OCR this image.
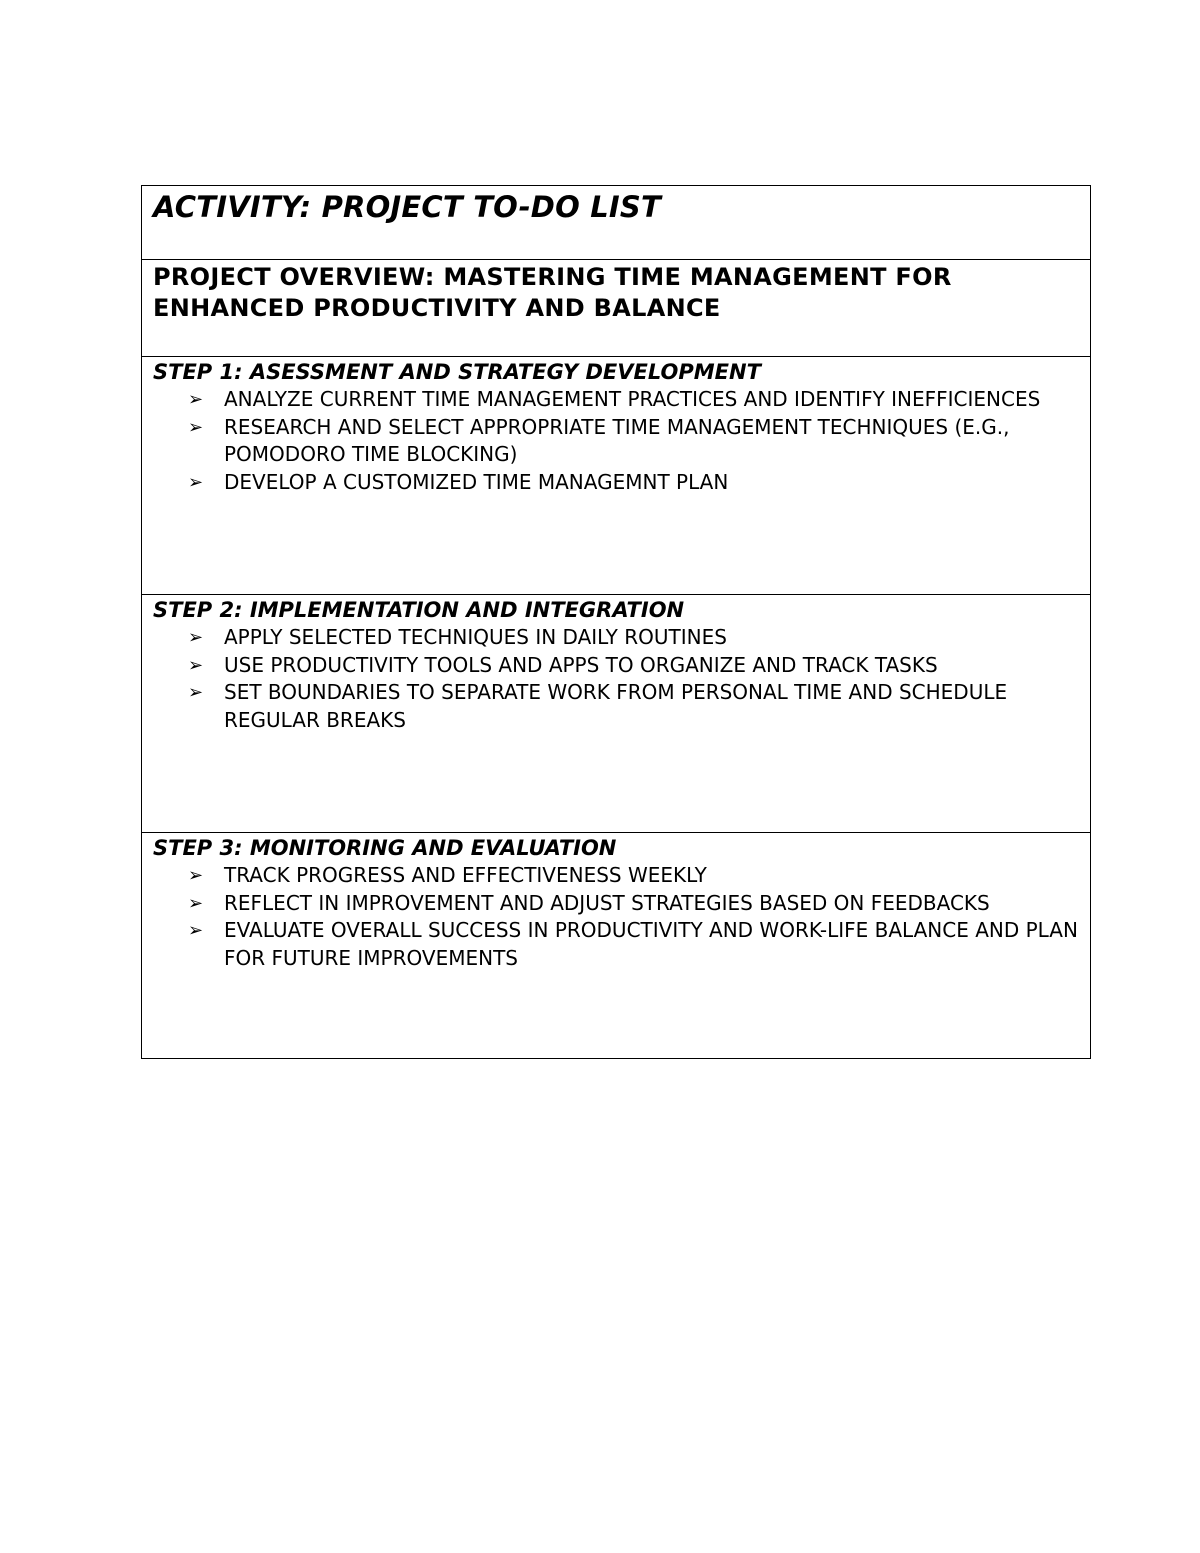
ACTIVITY: PROJECT TO-DO LIST
PROJECT OVERVIEW: MASTERING TIME MANAGEMENT FOR ENHANCED PRODUCTIVITY AND BALANCE
STEP 1: ASESSMENT AND STRATEGY DEVELOPMENT
➢ ANALYZE CURRENT TIME MANAGEMENT PRACTICES AND IDENTIFY INEFFICIENCES
➢ RESEARCH AND SELECT APPROPRIATE TIME MANAGEMENT TECHNIQUES (E.G., POMODORO TIME BLOCKING)
➢ DEVELOP A CUSTOMIZED TIME MANAGEMNT PLAN
STEP 2: IMPLEMENTATION AND INTEGRATION
➢ APPLY SELECTED TECHNIQUES IN DAILY ROUTINES
➢ USE PRODUCTIVITY TOOLS AND APPS TO ORGANIZE AND TRACK TASKS
➢ SET BOUNDARIES TO SEPARATE WORK FROM PERSONAL TIME AND SCHEDULE REGULAR BREAKS
STEP 3: MONITORING AND EVALUATION
➢ TRACK PROGRESS AND EFFECTIVENESS WEEKLY
➢ REFLECT IN IMPROVEMENT AND ADJUST STRATEGIES BASED ON FEEDBACKS
➢ EVALUATE OVERALL SUCCESS IN PRODUCTIVITY AND WORK-LIFE BALANCE AND PLAN FOR FUTURE IMPROVEMENTS
